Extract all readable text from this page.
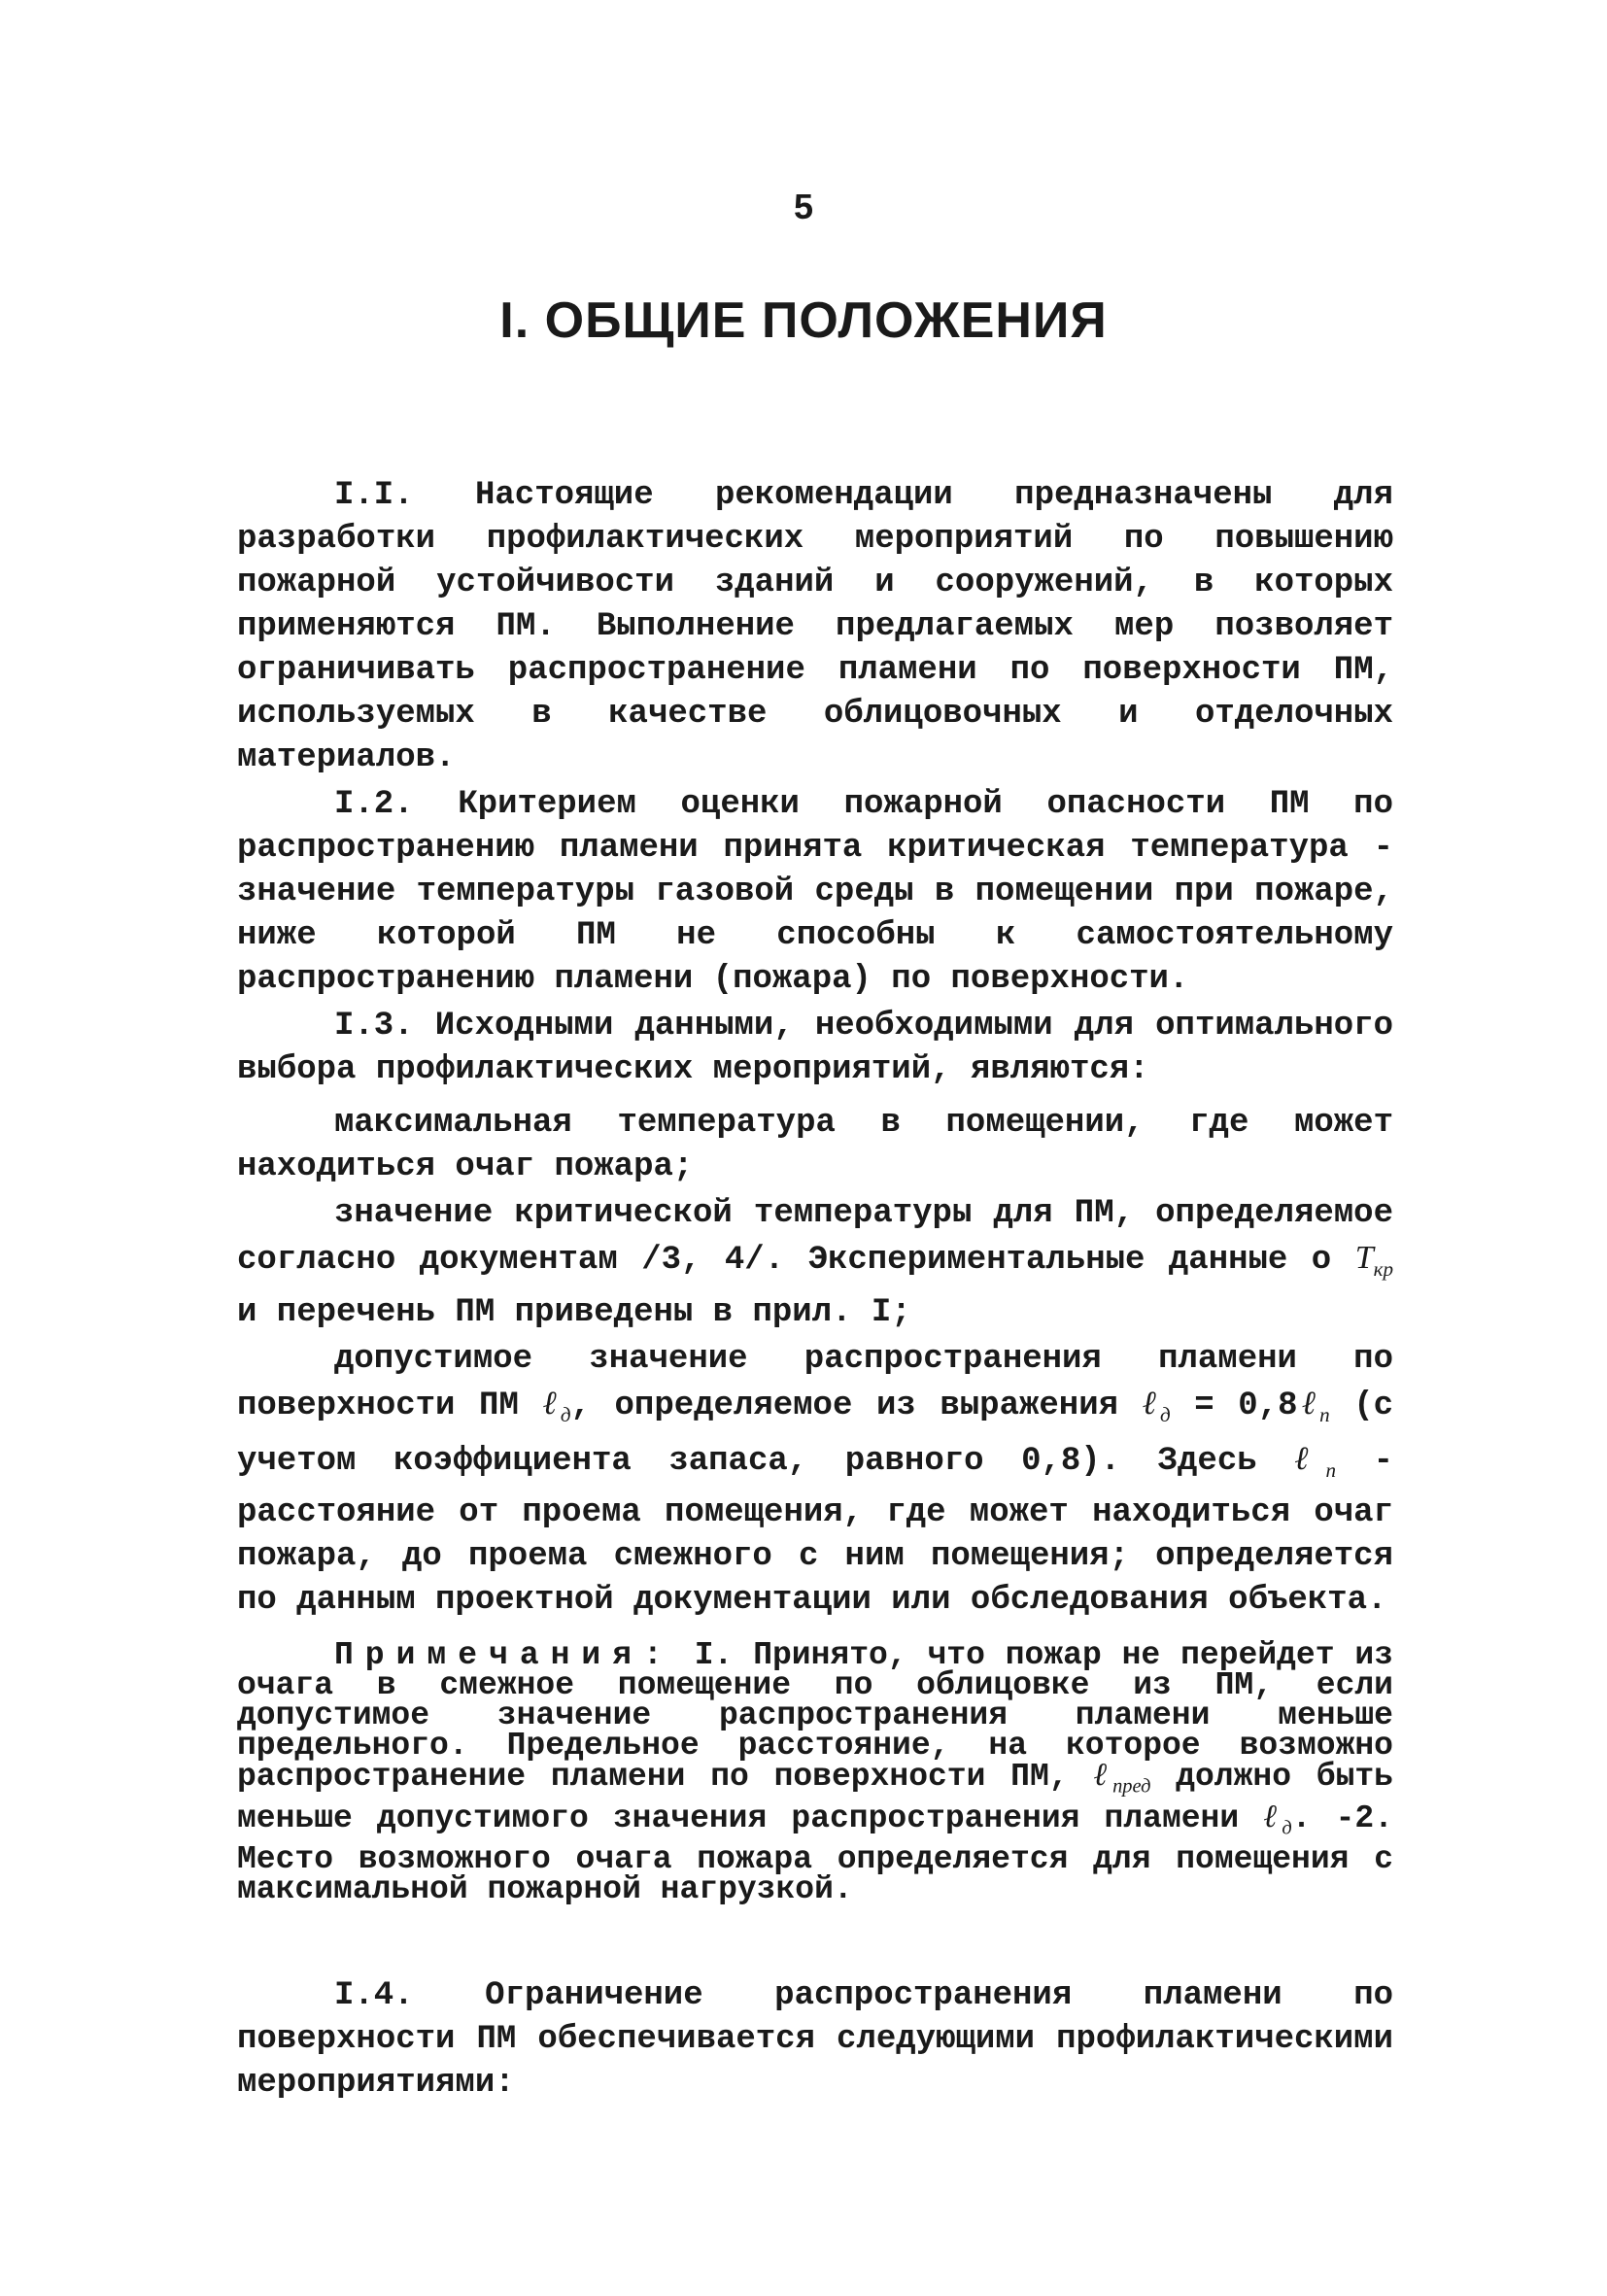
5
I. ОБЩИЕ ПОЛОЖЕНИЯ

I.I. Настоящие рекомендации предназначены для разработки профилактических мероприятий по повышению пожарной устойчивости зданий и сооружений, в которых применяются ПМ. Выполнение предлагаемых мер позволяет ограничивать распространение пламени по поверхности ПМ, используемых в качестве облицовочных и отделочных материалов.

I.2. Критерием оценки пожарной опасности ПМ по распространению пламени принята критическая температура - значение температуры газовой среды в помещении при пожаре, ниже которой ПМ не способны к самостоятельному распространению пламени (пожара) по поверхности.

I.3. Исходными данными, необходимыми для оптимального выбора профилактических мероприятий, являются:

максимальная температура в помещении, где может находиться очаг пожара;

значение критической температуры для ПМ, определяемое согласно документам /3, 4/. Экспериментальные данные о $T_{кр}$ и перечень ПМ приведены в прил. I;

допустимое значение распространения пламени по поверхности ПМ ℓ$_д$, определяемое из выражения ℓ$_д$ = 0,8ℓ$_п$ (с учетом коэффициента запаса, равного 0,8). Здесь ℓ$_п$ - расстояние от проема помещения, где может находиться очаг пожара, до проема смежного с ним помещения; определяется по данным проектной документации или обследования объекта.

Примечания: I. Принято, что пожар не перейдет из очага в смежное помещение по облицовке из ПМ, если допустимое значение распространения пламени меньше предельного. Предельное расстояние, на которое возможно распространение пламени по поверхности ПМ, ℓ$_{пред}$ должно быть меньше допустимого значения распространения пламени ℓ$_д$. -2. Место возможного очага пожара определяется для помещения с максимальной пожарной нагрузкой.

I.4. Ограничение распространения пламени по поверхности ПМ обеспечивается следующими профилактическими мероприятиями:
